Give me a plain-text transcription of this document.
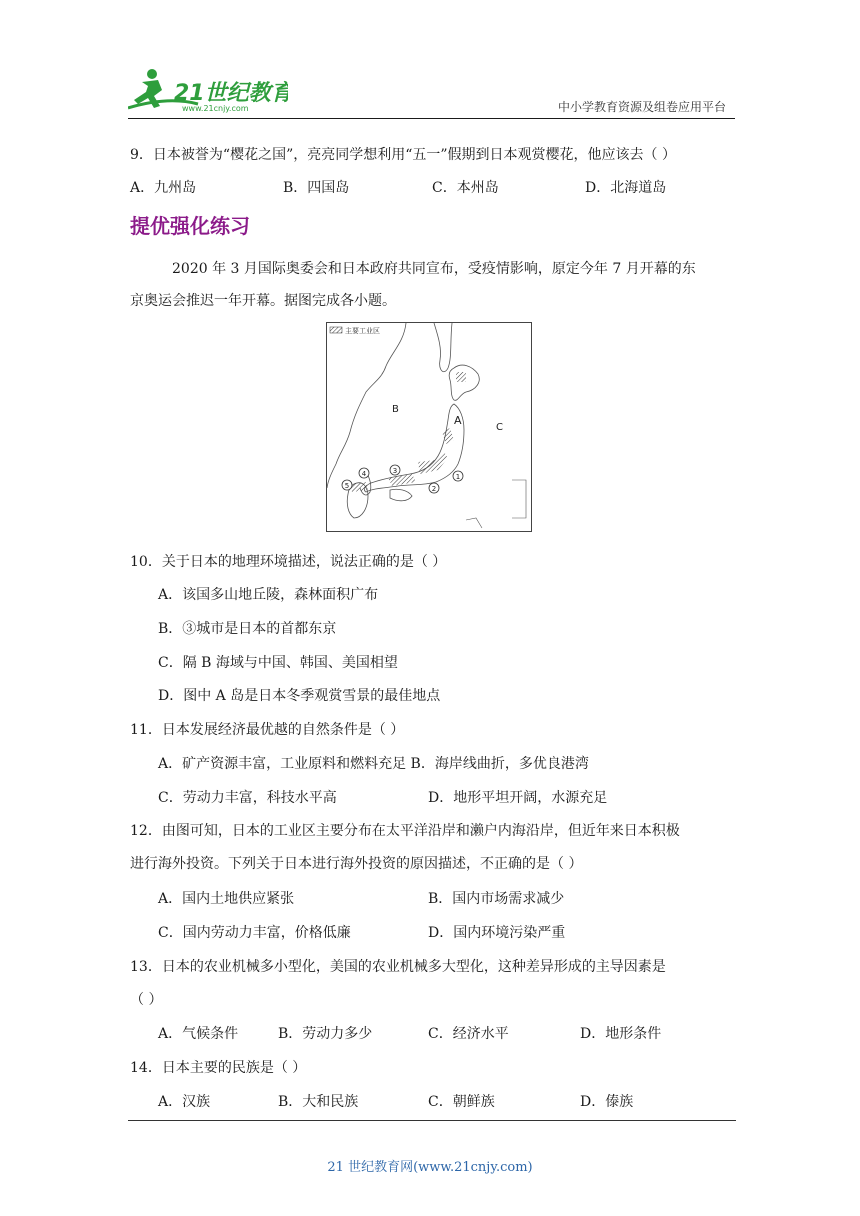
21世纪教育
www.21cnjy.com	中小学教育资源及组卷应用平台
9．日本被誉为“樱花之国”，亮亮同学想利用“五一”假期到日本观赏樱花，他应该去（ ）
A．九州岛	B．四国岛	C．本州岛	D．北海道岛
提优强化练习
2020 年 3 月国际奥委会和日本政府共同宣布，受疫情影响，原定今年 7 月开幕的东
京奥运会推迟一年开幕。据图完成各小题。
主要工业区
B
A
C
1
2
3
4
5
10．关于日本的地理环境描述，说法正确的是（ ）
A．该国多山地丘陵，森林面积广布
B．③城市是日本的首都东京
C．隔 B 海域与中国、韩国、美国相望
D．图中 A 岛是日本冬季观赏雪景的最佳地点
11．日本发展经济最优越的自然条件是（ ）
A．矿产资源丰富，工业原料和燃料充足 B．海岸线曲折，多优良港湾
C．劳动力丰富，科技水平高	D．地形平坦开阔，水源充足
12．由图可知，日本的工业区主要分布在太平洋沿岸和濑户内海沿岸，但近年来日本积极
进行海外投资。下列关于日本进行海外投资的原因描述，不正确的是（ ）
A．国内土地供应紧张	B．国内市场需求减少
C．国内劳动力丰富，价格低廉	D．国内环境污染严重
13．日本的农业机械多小型化，美国的农业机械多大型化，这种差异形成的主导因素是
（ ）
A．气候条件	B．劳动力多少	C．经济水平	D．地形条件
14．日本主要的民族是（ ）
A．汉族	B．大和民族	C．朝鲜族	D．傣族
21 世纪教育网(www.21cnjy.com)
